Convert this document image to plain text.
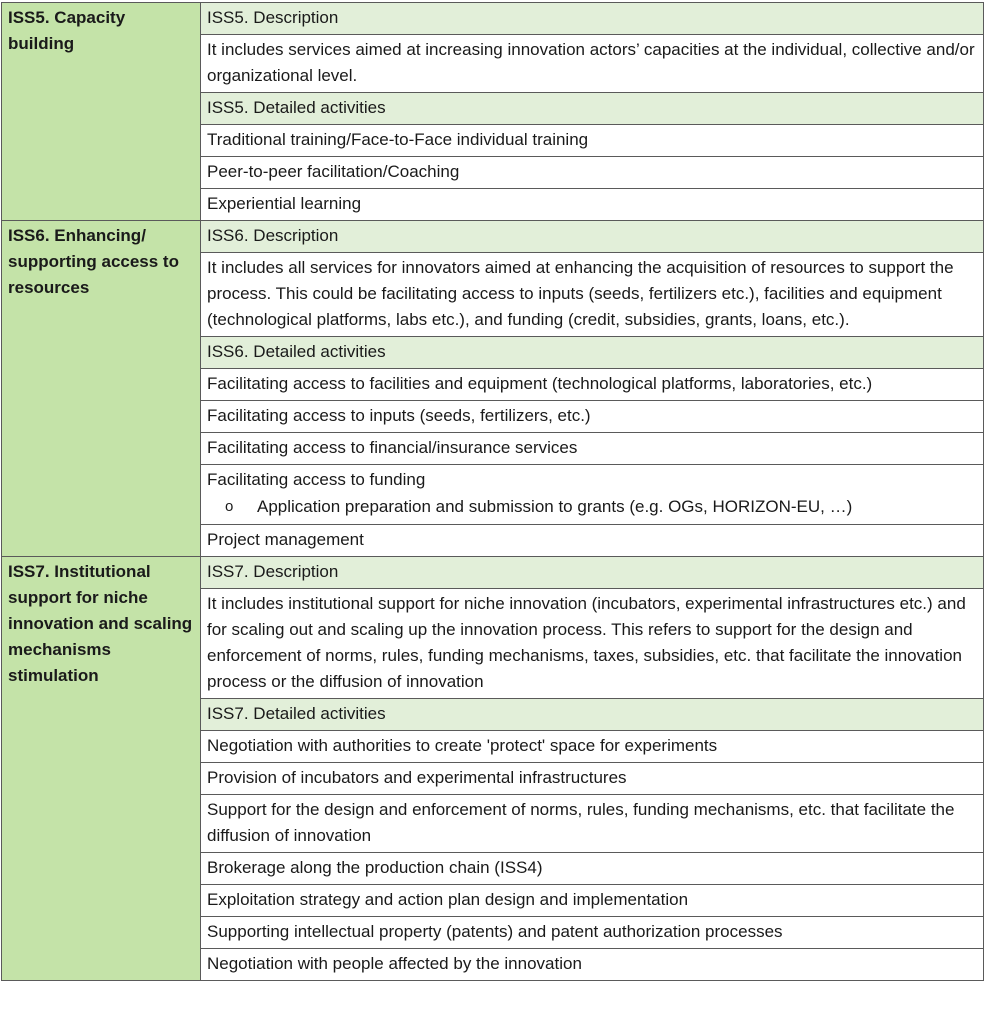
ISS5. Capacity building	ISS5. Description
	It includes services aimed at increasing innovation actors’ capacities at the individual, collective and/or organizational level.
	ISS5. Detailed activities
	Traditional training/Face-to-Face individual training
	Peer-to-peer facilitation/Coaching
	Experiential learning
ISS6. Enhancing/ supporting access to resources	ISS6. Description
	It includes all services for innovators aimed at enhancing the acquisition of resources to support the process. This could be facilitating access to inputs (seeds, fertilizers etc.), facilities and equipment (technological platforms, labs etc.), and funding (credit, subsidies, grants, loans, etc.).
	ISS6. Detailed activities
	Facilitating access to facilities and equipment (technological platforms, laboratories, etc.)
	Facilitating access to inputs (seeds, fertilizers, etc.)
	Facilitating access to financial/insurance services

	Facilitating access to funding
o Application preparation and submission to grants (e.g. OGs, HORIZON-EU, …)

	Project management
ISS7. Institutional support for niche innovation and scaling mechanisms stimulation	ISS7. Description
	It includes institutional support for niche innovation (incubators, experimental infrastructures etc.) and for scaling out and scaling up the innovation process. This refers to support for the design and enforcement of norms, rules, funding mechanisms, taxes, subsidies, etc. that facilitate the innovation process or the diffusion of innovation
	ISS7. Detailed activities
	Negotiation with authorities to create 'protect' space for experiments
	Provision of incubators and experimental infrastructures
	Support for the design and enforcement of norms, rules, funding mechanisms, etc. that facilitate the diffusion of innovation
	Brokerage along the production chain (ISS4)
	Exploitation strategy and action plan design and implementation
	Supporting intellectual property (patents) and patent authorization processes
	Negotiation with people affected by the innovation
